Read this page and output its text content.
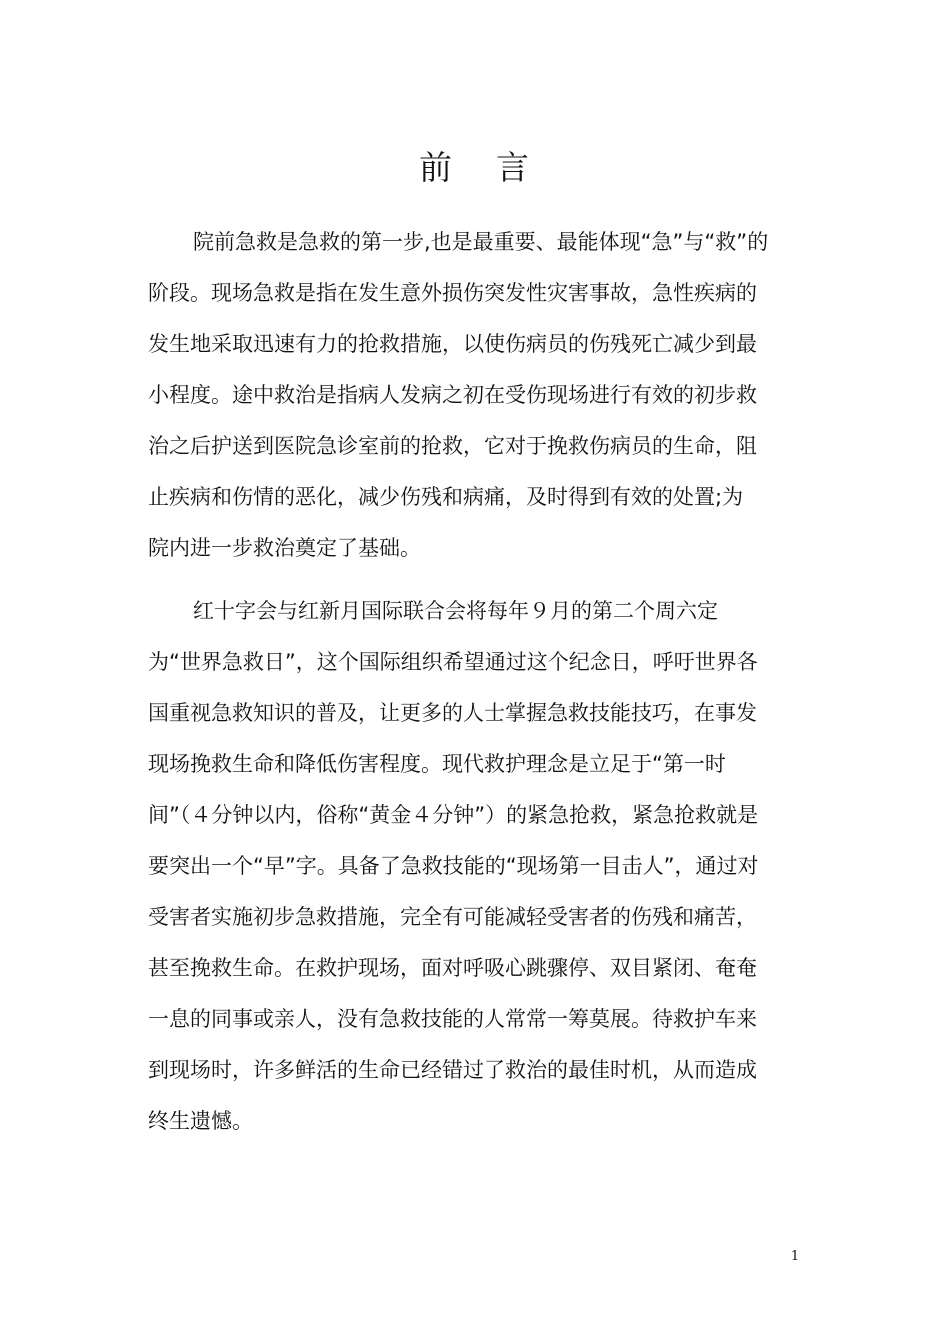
前 言
院前急救是急救的第一步,也是最重要、最能体现“急”与“救”的
阶段。现场急救是指在发生意外损伤突发性灾害事故，急性疾病的
发生地采取迅速有力的抢救措施，以使伤病员的伤残死亡减少到最
小程度。途中救治是指病人发病之初在受伤现场进行有效的初步救
治之后护送到医院急诊室前的抢救，它对于挽救伤病员的生命，阻
止疾病和伤情的恶化，减少伤残和病痛，及时得到有效的处置;为
院内进一步救治奠定了基础。
红十字会与红新月国际联合会将每年９月的第二个周六定
为“世界急救日”，这个国际组织希望通过这个纪念日，呼吁世界各
国重视急救知识的普及，让更多的人士掌握急救技能技巧，在事发
现场挽救生命和降低伤害程度。现代救护理念是立足于“第一时
间”（４分钟以内，俗称“黄金４分钟”）的紧急抢救，紧急抢救就是
要突出一个“早”字。具备了急救技能的“现场第一目击人”，通过对
受害者实施初步急救措施，完全有可能减轻受害者的伤残和痛苦，
甚至挽救生命。在救护现场，面对呼吸心跳骤停、双目紧闭、奄奄
一息的同事或亲人，没有急救技能的人常常一筹莫展。待救护车来
到现场时，许多鲜活的生命已经错过了救治的最佳时机，从而造成
终生遗憾。
1
